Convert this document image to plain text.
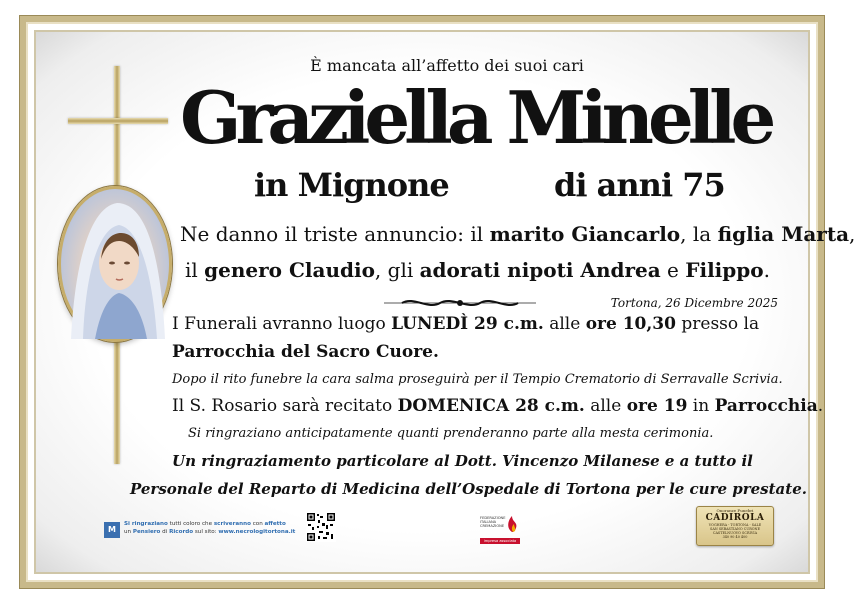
È mancata all’affetto dei suoi cari
Graziella Minelle
in Mignone	di anni 75
Ne danno il triste annuncio: il marito Giancarlo, la figlia Marta,
il genero Claudio, gli adorati nipoti Andrea e Filippo.
Tortona, 26 Dicembre 2025
I Funerali avranno luogo LUNEDÌ 29 c.m. alle ore 10,30 presso la
Parrocchia del Sacro Cuore.
Dopo il rito funebre la cara salma proseguirà per il Tempio Crematorio di Serravalle Scrivia.
Il S. Rosario sarà recitato DOMENICA 28 c.m. alle ore 19 in Parrocchia.
Si ringraziano anticipatamente quanti prenderanno parte alla mesta cerimonia.
Un ringraziamento particolare al Dott. Vincenzo Milanese e a tutto il
Personale del Reparto di Medicina dell’Ospedale di Tortona per le cure prestate.
M
Si ringraziano tutti coloro che scriveranno con affetto
un Pensiero di Ricordo sul sito: www.necrologitortona.it
FEDERAZIONE
ITALIANA
CREMAZIONE
impresa associata
Onoranze Funebri
CADIROLA
VOGHERA - TORTONA - SALE
SAN SEBASTIANO CURONE
CASTELNUOVO SCRIVIA
340 90 40 400
